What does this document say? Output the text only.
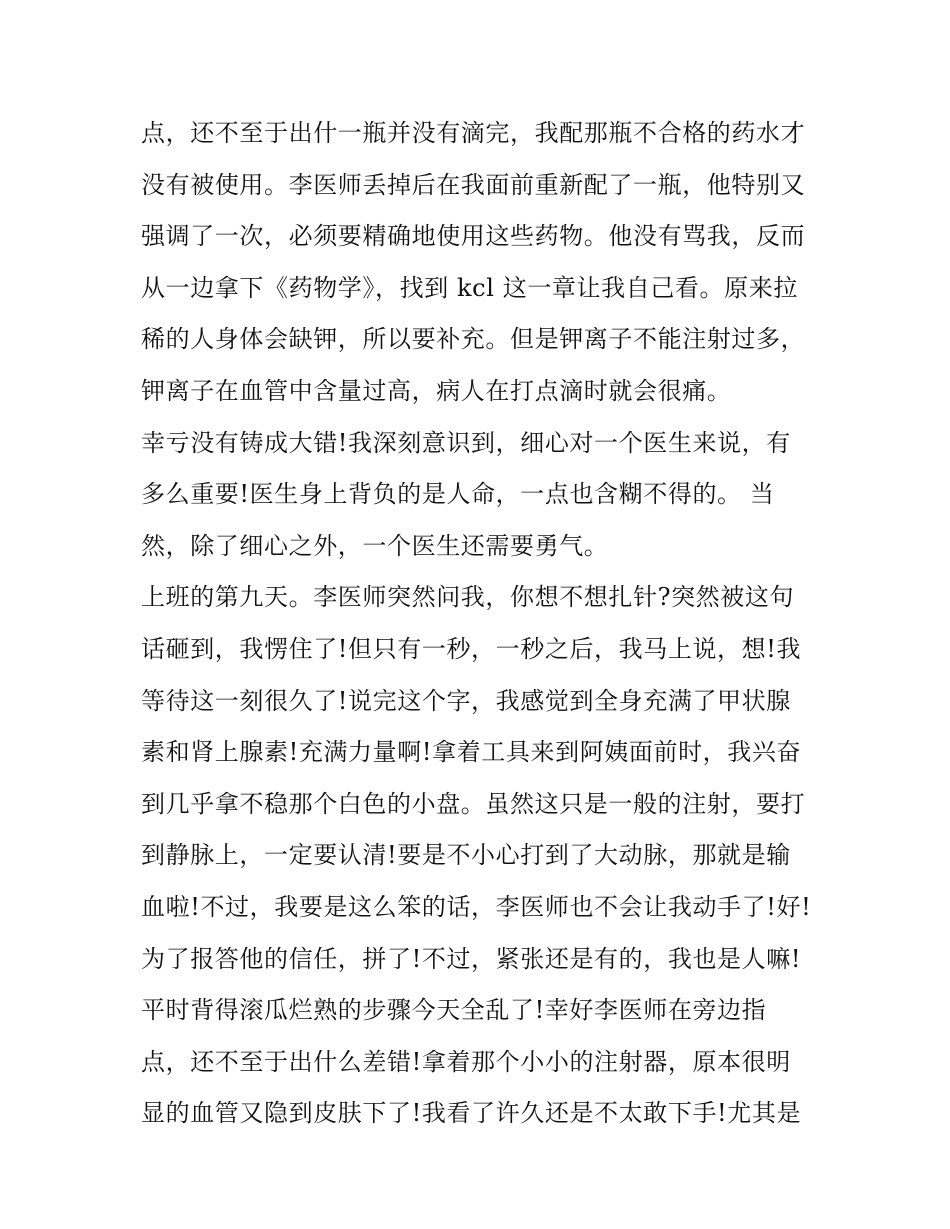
点，还不至于出什一瓶并没有滴完，我配那瓶不合格的药水才
没有被使用。李医师丢掉后在我面前重新配了一瓶，他特别又
强调了一次，必须要精确地使用这些药物。他没有骂我，反而
从一边拿下《药物学》，找到 kcl 这一章让我自己看。原来拉
稀的人身体会缺钾，所以要补充。但是钾离子不能注射过多，
钾离子在血管中含量过高，病人在打点滴时就会很痛。
幸亏没有铸成大错!我深刻意识到，细心对一个医生来说，有
多么重要!医生身上背负的是人命，一点也含糊不得的。 当
然，除了细心之外，一个医生还需要勇气。
上班的第九天。李医师突然问我，你想不想扎针?突然被这句
话砸到，我愣住了!但只有一秒，一秒之后，我马上说，想!我
等待这一刻很久了!说完这个字，我感觉到全身充满了甲状腺
素和肾上腺素!充满力量啊!拿着工具来到阿姨面前时，我兴奋
到几乎拿不稳那个白色的小盘。虽然这只是一般的注射，要打
到静脉上，一定要认清!要是不小心打到了大动脉，那就是输
血啦!不过，我要是这么笨的话，李医师也不会让我动手了!好!
为了报答他的信任，拼了!不过，紧张还是有的，我也是人嘛!
平时背得滚瓜烂熟的步骤今天全乱了!幸好李医师在旁边指
点，还不至于出什么差错!拿着那个小小的注射器，原本很明
显的血管又隐到皮肤下了!我看了许久还是不太敢下手!尤其是
